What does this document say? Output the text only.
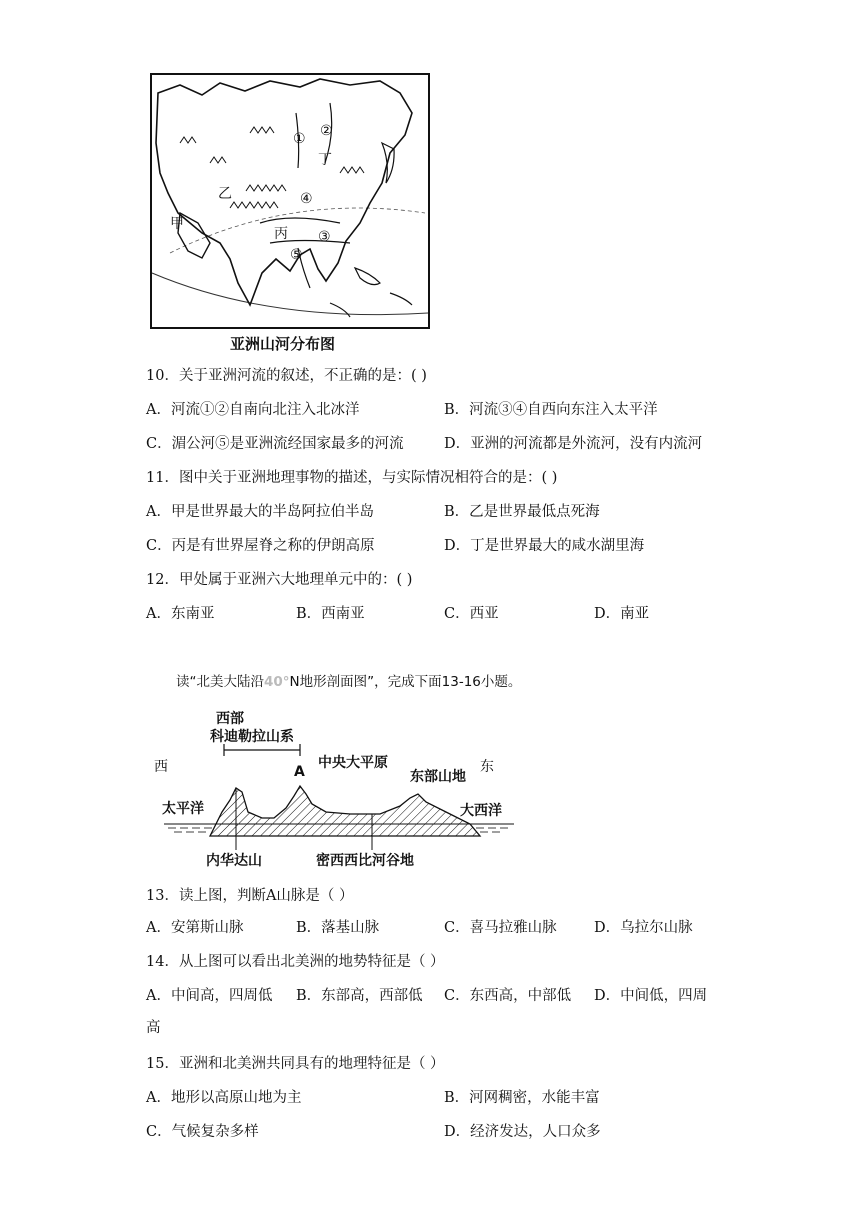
甲
乙
丙
丁
① ②
④
③
⑤
亚洲山河分布图
10．关于亚洲河流的叙述，不正确的是：( )
A．河流①②自南向北注入北冰洋	B．河流③④自西向东注入太平洋
C．湄公河⑤是亚洲流经国家最多的河流	D．亚洲的河流都是外流河，没有内流河
11．图中关于亚洲地理事物的描述，与实际情况相符合的是：( )
A．甲是世界最大的半岛阿拉伯半岛	B．乙是世界最低点死海
C．丙是有世界屋脊之称的伊朗高原	D．丁是世界最大的咸水湖里海
12．甲处属于亚洲六大地理单元中的：( )
A．东南亚	B．西南亚	C．西亚	D．南亚
读“北美大陆沿40°N地形剖面图”，完成下面13-16小题。
西部
科迪勒拉山系
西	A
中央大平原
东部山地
东
太平洋	大西洋
内华达山	密西西比河谷地
13．读上图，判断A山脉是（ ）
A．安第斯山脉	B．落基山脉	C．喜马拉雅山脉	D．乌拉尔山脉
14．从上图可以看出北美洲的地势特征是（ ）
A．中间高，四周低 B．东部高，西部低 C．东西高，中部低 D．中间低，四周
高
15．亚洲和北美洲共同具有的地理特征是（ ）
A．地形以高原山地为主	B．河网稠密，水能丰富
C．气候复杂多样	D．经济发达，人口众多
